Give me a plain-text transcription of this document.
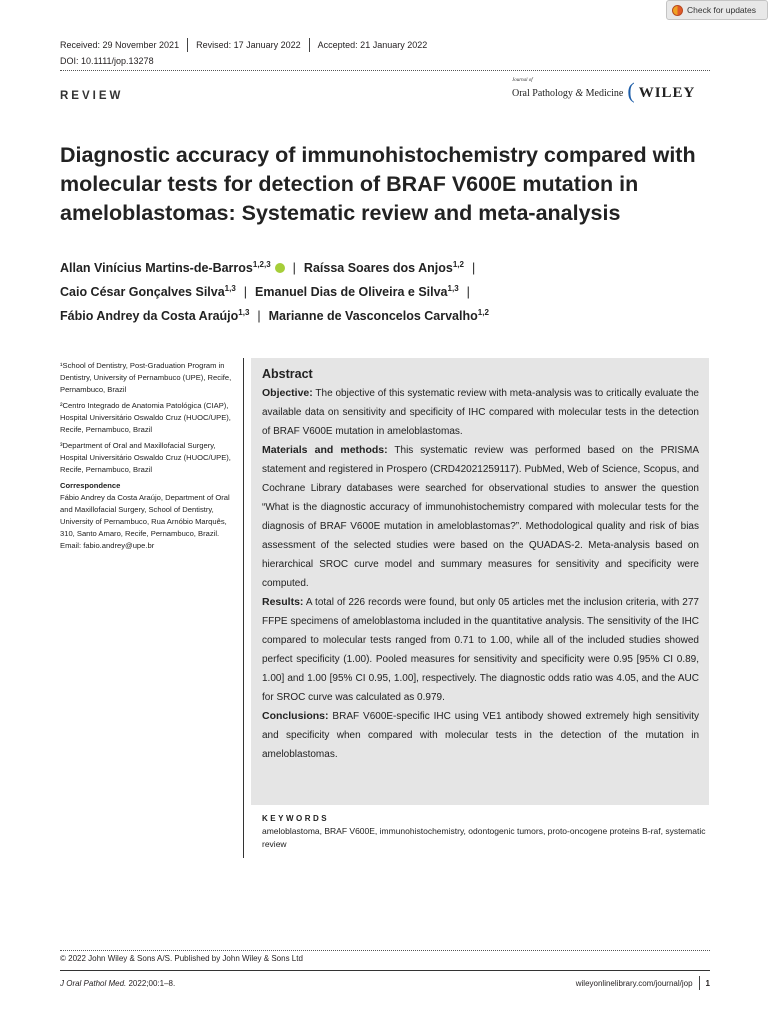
Check for updates
Received: 29 November 2021 Revised: 17 January 2022 Accepted: 21 January 2022
DOI: 10.1111/jop.13278
REVIEW
Journal of
Oral Pathology & Medicine ( WILEY
Diagnostic accuracy of immunohistochemistry compared with molecular tests for detection of BRAF V600E mutation in ameloblastomas: Systematic review and meta-analysis
Allan Vinícius Martins-de-Barros$^{1,2,3}$ | Raíssa Soares dos Anjos$^{1,2}$ |
Caio César Gonçalves Silva$^{1,3}$ | Emanuel Dias de Oliveira e Silva$^{1,3}$ |
Fábio Andrey da Costa Araújo$^{1,3}$ | Marianne de Vasconcelos Carvalho$^{1,2}$

¹School of Dentistry, Post-Graduation Program in Dentistry, University of Pernambuco (UPE), Recife, Pernambuco, Brazil

²Centro Integrado de Anatomia Patológica (CIAP), Hospital Universitário Oswaldo Cruz (HUOC/UPE), Recife, Pernambuco, Brazil

³Department of Oral and Maxillofacial Surgery, Hospital Universitário Oswaldo Cruz (HUOC/UPE), Recife, Pernambuco, Brazil

Correspondence

Fábio Andrey da Costa Araújo, Department of Oral and Maxillofacial Surgery, School of Dentistry, University of Pernambuco, Rua Arnóbio Marquês, 310, Santo Amaro, Recife, Pernambuco, Brazil.

Email: fabio.andrey@upe.br

Abstract

Objective: The objective of this systematic review with meta-analysis was to critically evaluate the available data on sensitivity and specificity of IHC compared with molecular tests in the detection of BRAF V600E mutation in ameloblastomas.

Materials and methods: This systematic review was performed based on the PRISMA statement and registered in Prospero (CRD42021259117). PubMed, Web of Science, Scopus, and Cochrane Library databases were searched for observational studies to answer the question “What is the diagnostic accuracy of immunohistochemistry compared with molecular tests for the diagnosis of BRAF V600E mutation in ameloblastomas?”. Methodological quality and risk of bias assessment of the selected studies were based on the QUADAS-2. Meta-analysis based on hierarchical SROC curve model and summary measures for sensitivity and specificity were computed.

Results: A total of 226 records were found, but only 05 articles met the inclusion criteria, with 277 FFPE specimens of ameloblastoma included in the quantitative analysis. The sensitivity of the IHC compared to molecular tests ranged from 0.71 to 1.00, while all of the included studies showed perfect specificity (1.00). Pooled measures for sensitivity and specificity were 0.95 [95% CI 0.89, 1.00] and 1.00 [95% CI 0.95, 1.00], respectively. The diagnostic odds ratio was 4.05, and the AUC for SROC curve was calculated as 0.979.

Conclusions: BRAF V600E-specific IHC using VE1 antibody showed extremely high sensitivity and specificity when compared with molecular tests in the detection of the mutation in ameloblastomas.

KEYWORDS

ameloblastoma, BRAF V600E, immunohistochemistry, odontogenic tumors, proto-oncogene proteins B-raf, systematic review

© 2022 John Wiley & Sons A/S. Published by John Wiley & Sons Ltd
J Oral Pathol Med. 2022;00:1–8.	wileyonlinelibrary.com/journal/jop 1
